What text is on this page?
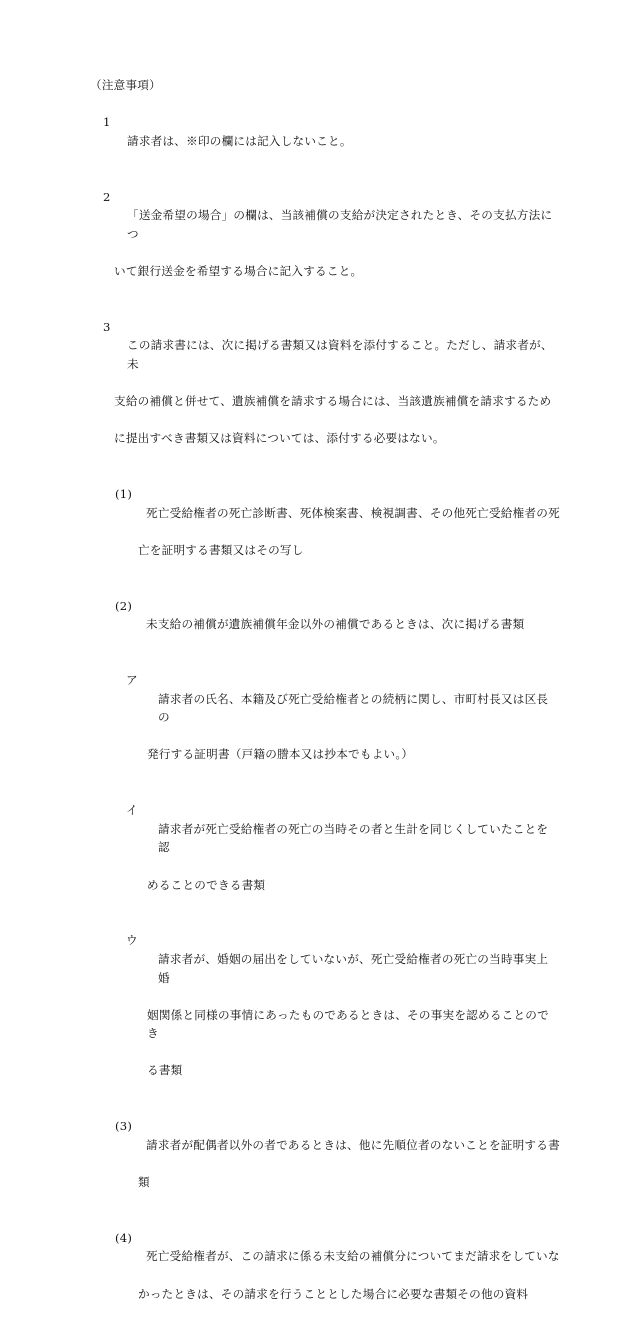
（注意事項）

1

請求者は、※印の欄には記入しないこと。

2

「送金希望の場合」の欄は、当該補償の支給が決定されたとき、その支払方法につ

いて銀行送金を希望する場合に記入すること。

3

この請求書には、次に掲げる書類又は資料を添付すること。ただし、請求者が、未

支給の補償と併せて、遺族補償を請求する場合には、当該遺族補償を請求するため

に提出すべき書類又は資料については、添付する必要はない。

(1)

死亡受給権者の死亡診断書、死体検案書、検視調書、その他死亡受給権者の死

亡を証明する書類又はその写し

(2)

未支給の補償が遺族補償年金以外の補償であるときは、次に掲げる書類

ア

請求者の氏名、本籍及び死亡受給権者との続柄に関し、市町村長又は区長の

発行する証明書（戸籍の謄本又は抄本でもよい。）

イ

請求者が死亡受給権者の死亡の当時その者と生計を同じくしていたことを認

めることのできる書類

ウ

請求者が、婚姻の届出をしていないが、死亡受給権者の死亡の当時事実上婚

姻関係と同様の事情にあったものであるときは、その事実を認めることのでき

る書類

(3)

請求者が配偶者以外の者であるときは、他に先順位者のないことを証明する書

類

(4)

死亡受給権者が、この請求に係る未支給の補償分についてまだ請求をしていな

かったときは、その請求を行うこととした場合に必要な書類その他の資料
